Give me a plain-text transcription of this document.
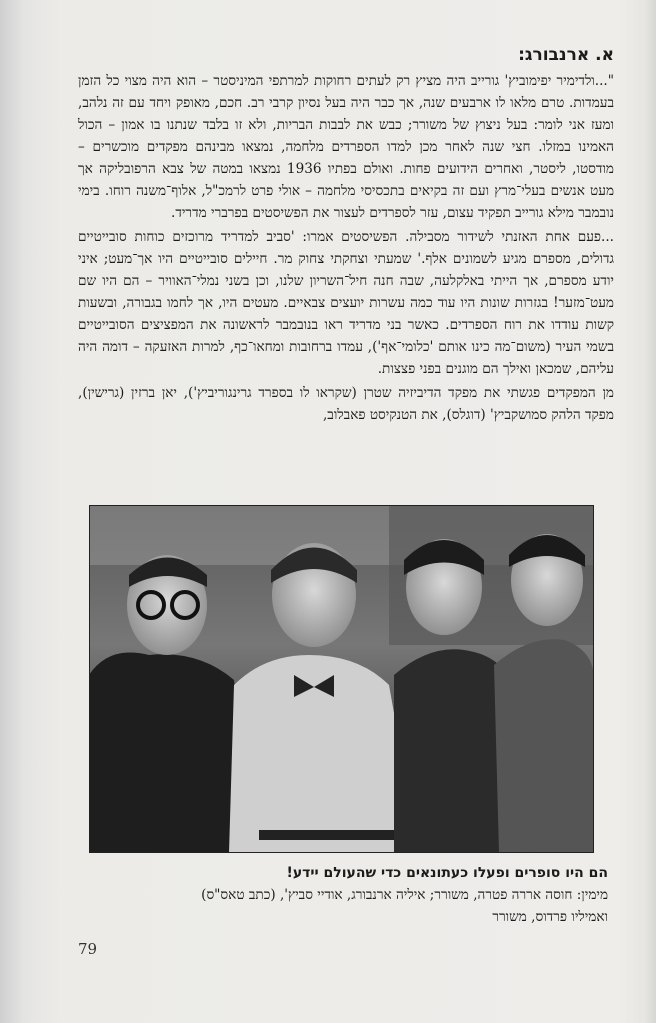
א. ארנבורג:

"...ולדימיר יפימוביץ' גורייב היה מציץ רק לעתים רחוקות למרתפי המיניסטר – הוא היה מצוי כל הזמן בעמדות. טרם מלאו לו ארבעים שנה, אך כבר היה בעל נסיון קרבי רב. חכם, מאופק ויחד עם זה נלהב, ומעז אני לומר: בעל ניצוץ של משורר; כבש את לבבות הבריות, ולא זו בלבד שנתנו בו אמון – הכול האמינו במזלו. חצי שנה לאחר מכן למדו הספרדים מלחמה, נמצאו מבינהם מפקדים מוכשרים – מודסטו, ליסטר, ואחרים הידועים פחות. ואולם בפתיו 1936 נמצאו במטה של צבא הרפובליקה אך מעט אנשים בעלי־מרץ ועם זה בקיאים בתכסיסי מלחמה – אולי פרט לרמכ"ל, אלוף־משנה רוחו. בימי נובמבר מילא גורייב תפקיד עצום, עזר לספרדים לעצור את הפשיסטים בפרברי מדריד.

...פעם אחת האזנתי לשידור מסבילה. הפשיסטים אמרו: 'סביב למדריד מרוכזים כוחות סובייטיים גדולים, מספרם מגיע לשמונים אלף.' שמעתי וצחקתי צחוק מר. חיילים סובייטיים היו אך־מעט; איני יודע מספרם, אך הייתי באלקלעה, שבה חנה חיל־השריון שלנו, וכן בשני נמלי־האוויר – הם היו שם מעט־מזער! בגזרות שונות היו עוד כמה עשרות יועצים צבאיים. מעטים היו, אך לחמו בגבורה, ובשעות קשות עודדו את רוח הספרדים. כאשר בני מדריד ראו בנובמבר לראשונה את המפציצים הסובייטיים בשמי העיר (משום־מה כינו אותם 'כלומי־אף'), עמדו ברחובות ומחאו־כף, למרות האזעקה – דומה היה עליהם, שמכאן ואילך הם מוגנים בפני פצצות.

מן המפקדים פגשתי את מפקד הדיביזיה שטרן (שקראו לו בספרד גרינגוריביץ'), יאן ברזין (גרישין), מפקד הלהק סמושקביץ' (דוגלס), את הטנקיסט פאבלוב,

הם היו סופרים ופעלו כעתונאים כדי שהעולם יידע!
מימין: חוסה אררה פטרה, משורר; איליה ארנבורג, אודיי סביץ', (כתב טאס"ס)
ואמיליו פרדוס, משורר
79
